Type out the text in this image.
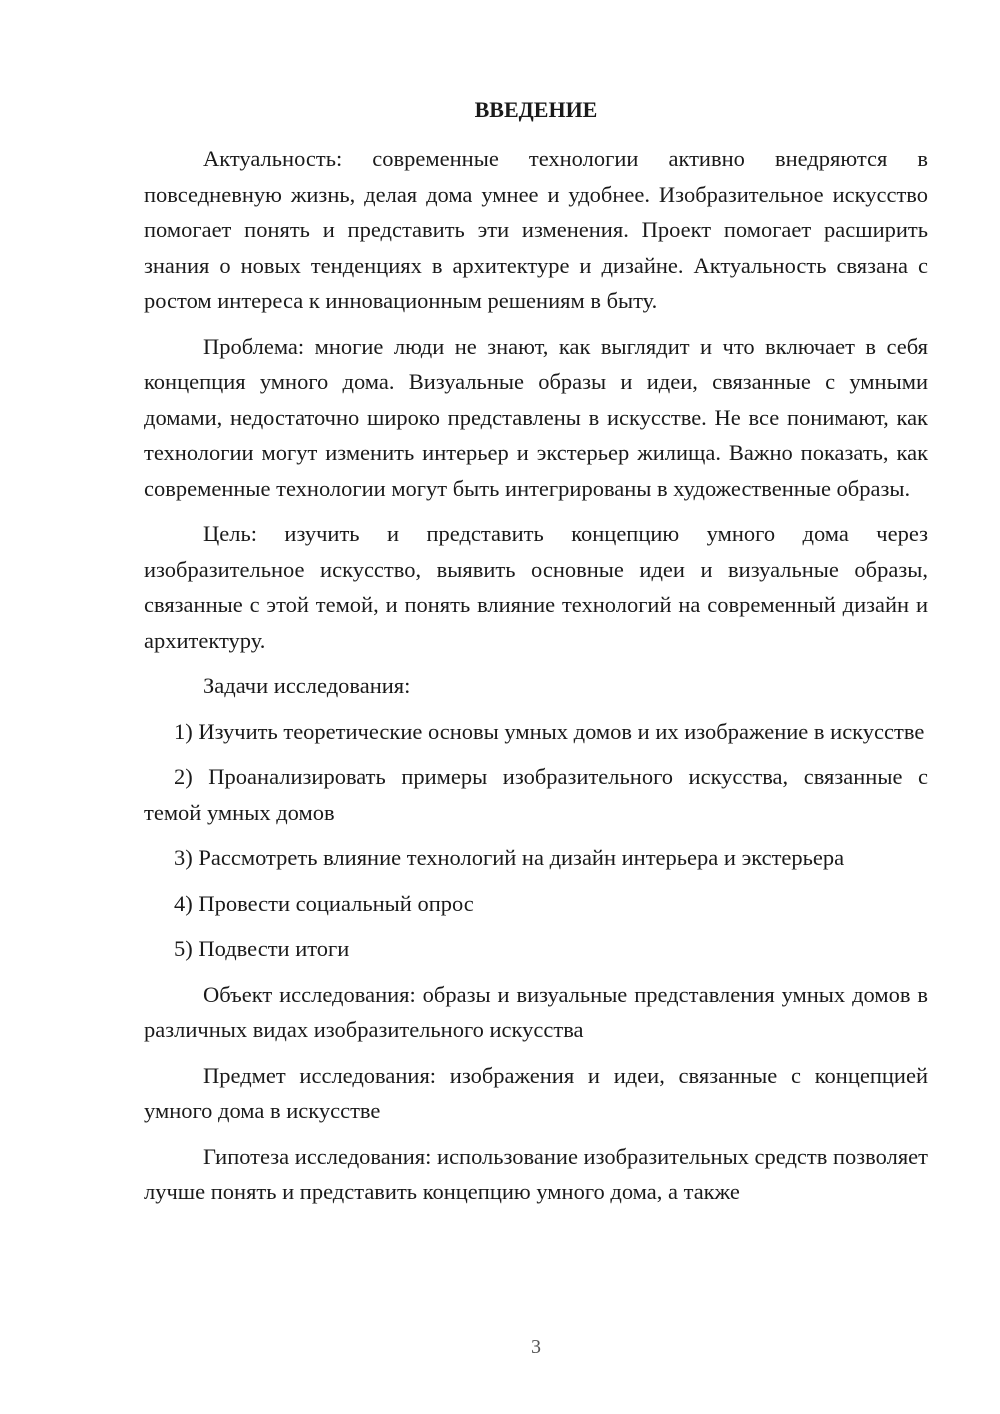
ВВЕДЕНИЕ

Актуальность: современные технологии активно внедряются в повседневную жизнь, делая дома умнее и удобнее. Изобразительное искусство помогает понять и представить эти изменения. Проект помогает расширить знания о новых тенденциях в архитектуре и дизайне. Актуальность связана с ростом интереса к инновационным решениям в быту.

Проблема: многие люди не знают, как выглядит и что включает в себя концепция умного дома. Визуальные образы и идеи, связанные с умными домами, недостаточно широко представлены в искусстве. Не все понимают, как технологии могут изменить интерьер и экстерьер жилища. Важно показать, как современные технологии могут быть интегрированы в художественные образы.

Цель: изучить и представить концепцию умного дома через изобразительное искусство, выявить основные идеи и визуальные образы, связанные с этой темой, и понять влияние технологий на современный дизайн и архитектуру.

Задачи исследования:

1) Изучить теоретические основы умных домов и их изображение в искусстве

2) Проанализировать примеры изобразительного искусства, связанные с темой умных домов

3) Рассмотреть влияние технологий на дизайн интерьера и экстерьера

4) Провести социальный опрос

5) Подвести итоги

Объект исследования: образы и визуальные представления умных домов в различных видах изобразительного искусства

Предмет исследования: изображения и идеи, связанные с концепцией умного дома в искусстве

Гипотеза исследования: использование изобразительных средств позволяет лучше понять и представить концепцию умного дома, а также

3
